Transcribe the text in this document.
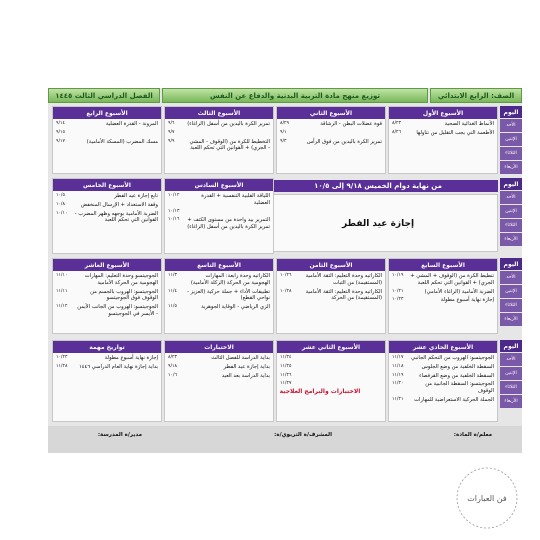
الصف: الرابع الابتدائي
توزيع منهج مادة التربية البدنية والدفاع عن النفس
الفصل الدراسي الثالث ١٤٤٥
اليوم
الأحد
الإثنين
الثلاثاء
الأربعاء
اليوم
الأحد
الإثنين
الثلاثاء
الأربعاء
من نهاية دوام الخميس ٩/١٨ إلى ١٠/٥
إجازة عيد الفطر
اليوم
الأحد
الإثنين
الثلاثاء
الأربعاء
اليوم
الأحد
الإثنين
الثلاثاء
الأربعاء
الأسبوع الأول
الأنماط الغذائية الصحية
٨/٢٣
الأطعمة التي يجب التقليل من تناولها
٨/٢٦
الأسبوع الثاني
قوة عضلات البطن - الرشاقة
٨/٢٩
٩/١
تمرير الكرة باليدين من فوق الرأس
٩/٣
الأسبوع الثالث
تمرير الكرة باليدين من أسفل (الراغاء)
٩/٦
٩/٧
التخطيط للكرة من (الوقوف - المشي - الجري) + القوانين التي تحكم اللعبة
٩/٩
الأسبوع الرابع
المرونة - القدرة العضلية
٩/١٤
٩/١٥
مسك المضرب (المسكة الأمامية)
٩/١٧
الأسبوع الخامس
تابع إجازة عيد الفطر
١٠/٥
وقفة الاستعداد + الإرسال المنخفض
١٠/٨
الضربة الأمامية بوجهه وظهر المضرب - القوانين التي تحكم اللعبة
١٠/١٠
الأسبوع السادس
اللياقة القلبية التنفسية + القدرة العضلية
١٠/١٢
١٠/١٣
التمرير بيد واحدة من مستوى الكتف + تمرير الكرة باليدين من أسفل (الراغاء)
١٠/١٦
الأسبوع السابع
تنطيط الكرة من (الوقوف + المشي + الجري) + القوانين التي تحكم اللعبة
١٠/١٩
الضربة الأمامية (الراغاء الأمامي)
١٠/٢١
إجازة نهاية أسبوع مطولة
١٠/٢٣
الأسبوع الثامن
الكاراتيه وحدة التعليم: الثقة الأمامية (المستقيمة) من الثبات
١٠/٢٦
الكاراتيه وحدة التعليم: الثقة الأمامية (المستقيمة) من الحركة
١٠/٢٨
الأسبوع التاسع
الكاراتيه وحدة رابعة: المهارات الهجومية من الحركة (الركلة الأمامية)
١١/٣
تطبيقات الأداء + جملة حركية (العزيز - نواحي القطع)
١١/٤
الزي الرياضي - الوقاية الجوهرية
١١/٥
الأسبوع العاشر
الجوجيتسو وحدة التعليم: المهارات الهجومية من الحركة الأمامية
١١/١٠
الجوجيتسو: الهروب بالجسم من الوقوف فوق الجوجيتسو
١١/١١
الجوجيتسو: الهروب من الجانب الأيمن - الأيسر في الجوجيتسو
١١/١٢
الأسبوع الحادي عشر
الجوجيتسو: الهروب من التحكم الجانبي
١١/١٧
السقطة الخلفية من وضع الجلوس
١١/١٨
السقطة الخلفية من وضع القرفصاء
١١/١٩
الجوجيتسو: السقطة الجانبية من الوقوف
١١/٢٠
الجملة الحركية الاستعراضية للمهارات
١١/٢١
الأسبوع الثاني عشر
١١/٢٤
١١/٢٥
١١/٢٦
١١/٢٧
الاختبارات
بداية الدراسة للفصل الثالث
٨/٢٣
بداية إجازة عيد الفطر
٩/١٨
بداية الدراسة بعد العيد
١٠/٦
تواريخ مهمة
إجازة نهاية أسبوع مطولة
١٠/٢٣
بداية إجازة نهاية العام الدراسي ١٤٤٦
١١/٢٨
الاختبارات والبرامج العلاجية
معلم/ة المادة:
المشرف/ة التربوي/ة:
مدير/ة المدرسة:
فن العبارات
